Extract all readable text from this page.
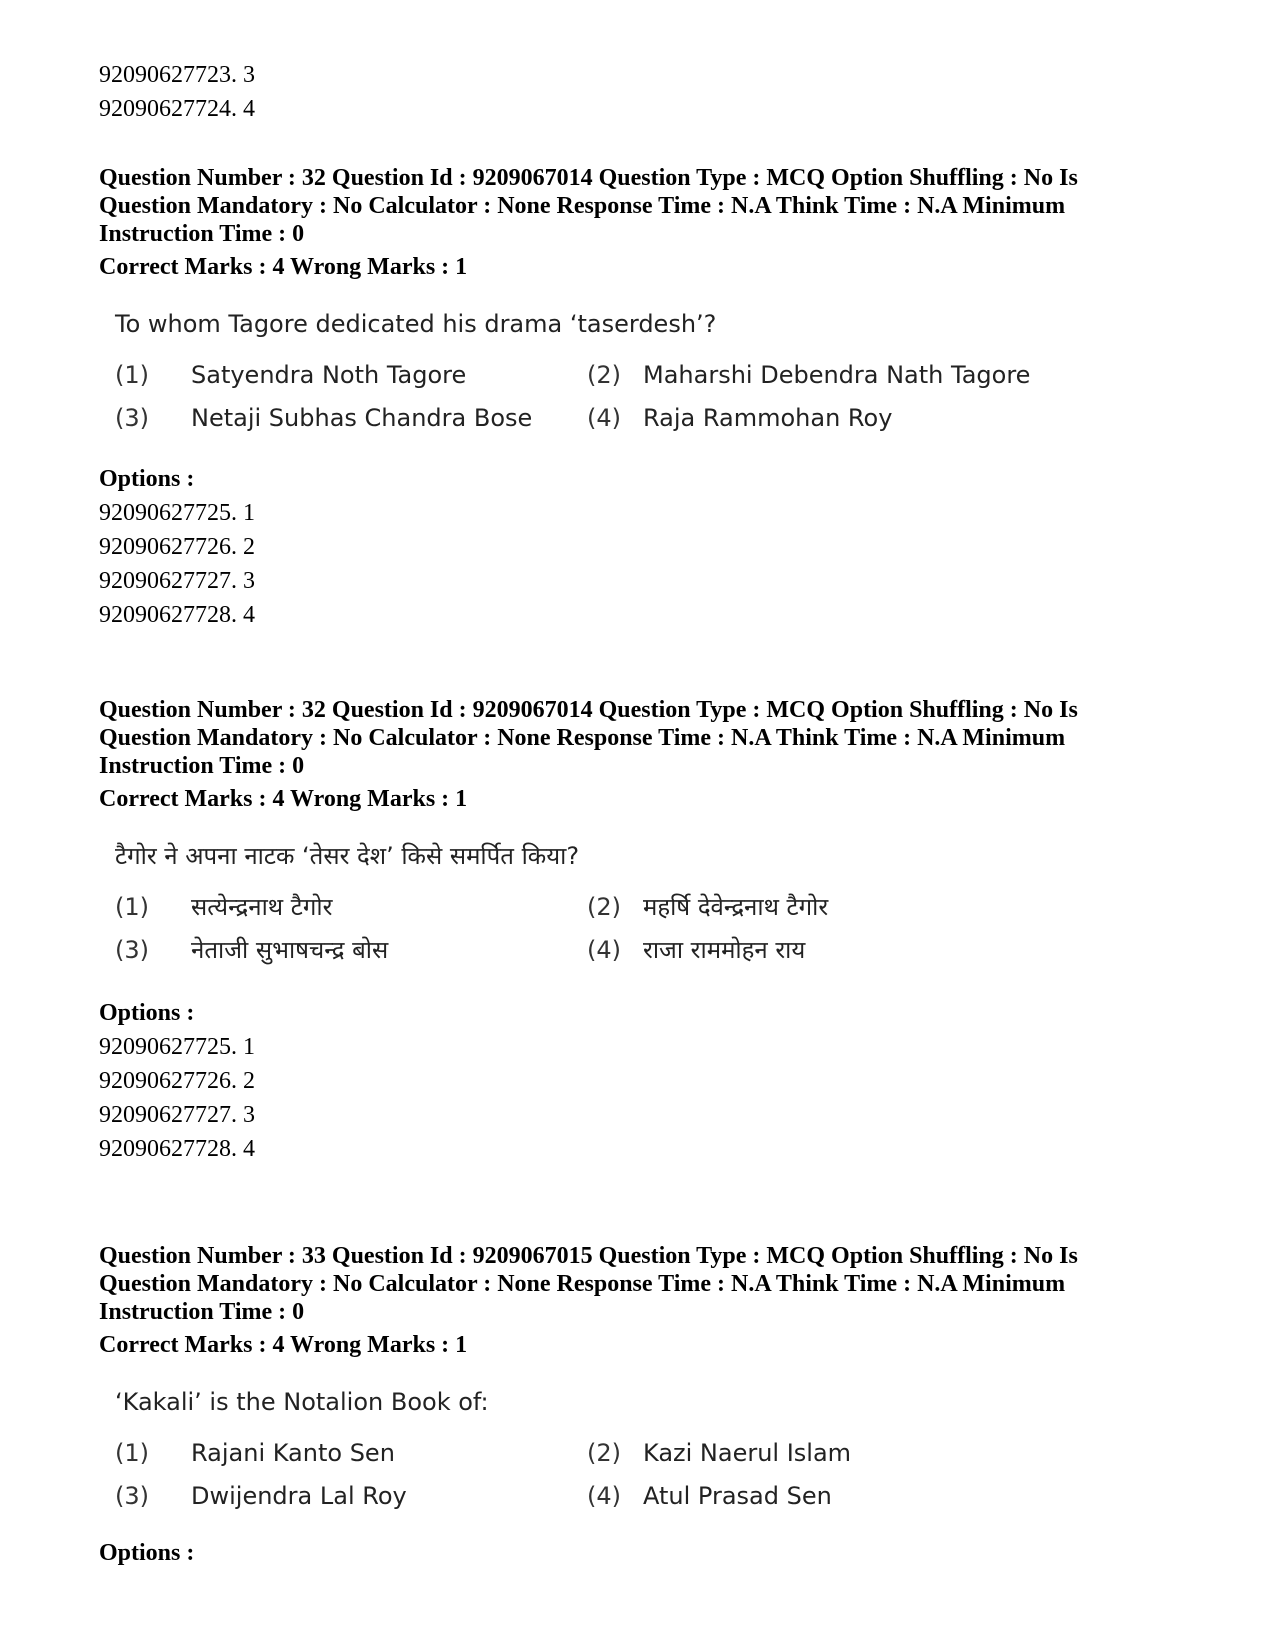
92090627723. 3
92090627724. 4
Question Number : 32 Question Id : 9209067014 Question Type : MCQ Option Shuffling : No Is
Question Mandatory : No Calculator : None Response Time : N.A Think Time : N.A Minimum
Instruction Time : 0
Correct Marks : 4 Wrong Marks : 1
To whom Tagore dedicated his drama ‘taserdesh’?
(1)	Satyendra Noth Tagore	(2) Maharshi Debendra Nath Tagore
(3)	Netaji Subhas Chandra Bose	(4) Raja Rammohan Roy
Options :
92090627725. 1
92090627726. 2
92090627727. 3
92090627728. 4
Question Number : 32 Question Id : 9209067014 Question Type : MCQ Option Shuffling : No Is
Question Mandatory : No Calculator : None Response Time : N.A Think Time : N.A Minimum
Instruction Time : 0
Correct Marks : 4 Wrong Marks : 1
टैगोर ने अपना नाटक ‘तेसर देश’ किसे समर्पित किया?
(1)	सत्येन्द्रनाथ टैगोर	(2) महर्षि देवेन्द्रनाथ टैगोर
(3)	नेताजी सुभाषचन्द्र बोस	(4) राजा राममोहन राय
Options :
92090627725. 1
92090627726. 2
92090627727. 3
92090627728. 4
Question Number : 33 Question Id : 9209067015 Question Type : MCQ Option Shuffling : No Is
Question Mandatory : No Calculator : None Response Time : N.A Think Time : N.A Minimum
Instruction Time : 0
Correct Marks : 4 Wrong Marks : 1
‘Kakali’ is the Notalion Book of:
(1)	Rajani Kanto Sen	(2) Kazi Naerul Islam
(3)	Dwijendra Lal Roy	(4) Atul Prasad Sen
Options :
